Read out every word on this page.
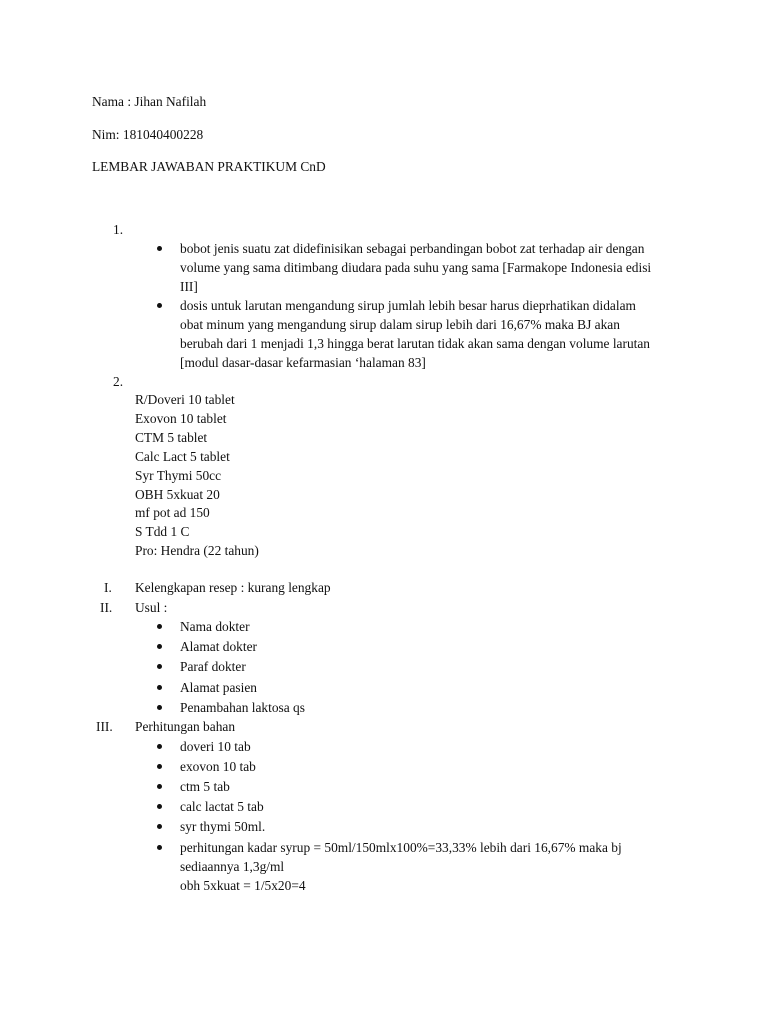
Nama : Jihan Nafilah
Nim: 181040400228
LEMBAR JAWABAN PRAKTIKUM CnD
1.
bobot jenis suatu zat didefinisikan sebagai perbandingan bobot zat terhadap air dengan
volume yang sama ditimbang diudara pada suhu yang sama [Farmakope Indonesia edisi
III]
dosis untuk larutan mengandung sirup jumlah lebih besar harus dieprhatikan didalam
obat minum yang mengandung sirup dalam sirup lebih dari 16,67% maka BJ akan
berubah dari 1 menjadi 1,3 hingga berat larutan tidak akan sama dengan volume larutan
[modul dasar-dasar kefarmasian ‘halaman 83]
2.
R/Doveri 10 tablet
Exovon 10 tablet
CTM 5 tablet
Calc Lact 5 tablet
Syr Thymi 50cc
OBH 5xkuat 20
mf pot ad 150
S Tdd 1 C
Pro: Hendra (22 tahun)
I. Kelengkapan resep : kurang lengkap
II. Usul :
Nama dokter
Alamat dokter
Paraf dokter
Alamat pasien
Penambahan laktosa qs
III. Perhitungan bahan
doveri 10 tab
exovon 10 tab
ctm 5 tab
calc lactat 5 tab
syr thymi 50ml.
perhitungan kadar syrup = 50ml/150mlx100%=33,33% lebih dari 16,67% maka bj
sediaannya 1,3g/ml
obh 5xkuat = 1/5x20=4
